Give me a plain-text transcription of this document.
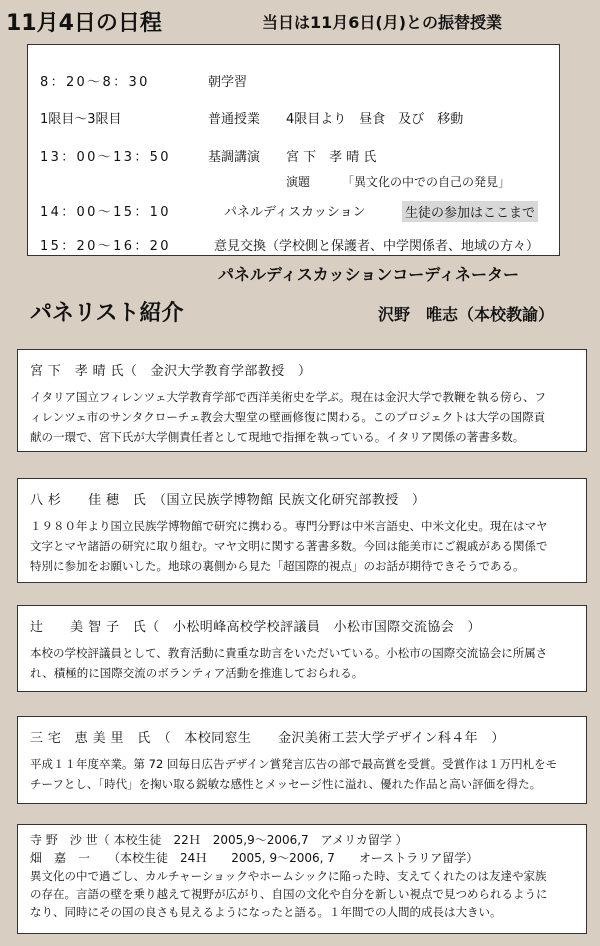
11月4日の日程	当日は11月6日(月)との振替授業
8：20〜8：30	朝学習
1限目〜3限目	普通授業　　4限目より　昼食　及び　移動
13：00〜13：50	基調講演　　宮 下　孝 晴 氏
演題	「異文化の中での自己の発見」
14：00〜15：10	パネルディスカッション	生徒の参加はここまで
15：20〜16：20	意見交換（学校側と保護者、中学関係者、地域の方々）
パネルディスカッションコーディネーター
パネリスト紹介	沢野　唯志（本校教諭）
宮 下　孝 晴 氏（　金沢大学教育学部教授　）

イタリア国立フィレンツェ大学教育学部で西洋美術史を学ぶ。現在は金沢大学で教鞭を執る傍ら、フ

ィレンツェ市のサンタクローチェ教会大聖堂の壁画修復に関わる。このプロジェクトは大学の国際貢

献の一環で、宮下氏が大学側責任者として現地で指揮を執っている。イタリア関係の著書多数。

八 杉　　佳 穂　氏　（国立民族学博物館 民族文化研究部教授　）

１９８０年より国立民族学博物館で研究に携わる。専門分野は中米言語史、中米文化史。現在はマヤ

文字とマヤ諸語の研究に取り組む。マヤ文明に関する著書多数。今回は能美市にご親戚がある関係で

特別に参加をお願いした。地球の裏側から見た「超国際的視点」のお話が期待できそうである。

辻　　美 智 子　氏（　小松明峰高校学校評議員　小松市国際交流協会　）

本校の学校評議員として、教育活動に貴重な助言をいただいている。小松市の国際交流協会に所属さ

れ、積極的に国際交流のボランティア活動を推進しておられる。

三 宅　恵 美 里　氏　（　本校同窓生　　金沢美術工芸大学デザイン科４年　）

平成１１年度卒業。第 72 回毎日広告デザイン賞発言広告の部で最高賞を受賞。受賞作は１万円札をモ

チーフとし、「時代」を掬い取る鋭敏な感性とメッセージ性に溢れ、優れた作品と高い評価を得た。

寺 野　沙 世（ 本校生徒　22Ｈ　2005,9〜2006,7　アメリカ留学 ）
畑　嘉　一　　（本校生徒　24Ｈ　　2005, 9〜2006, 7　　オーストラリア留学）

異文化の中で過ごし、カルチャーショックやホームシックに陥った時、支えてくれたのは友達や家族

の存在。言語の壁を乗り越えて視野が広がり、自国の文化や自分を新しい視点で見つめられるように

なり、同時にその国の良さも見えるようになったと語る。１年間での人間的成長は大きい。
